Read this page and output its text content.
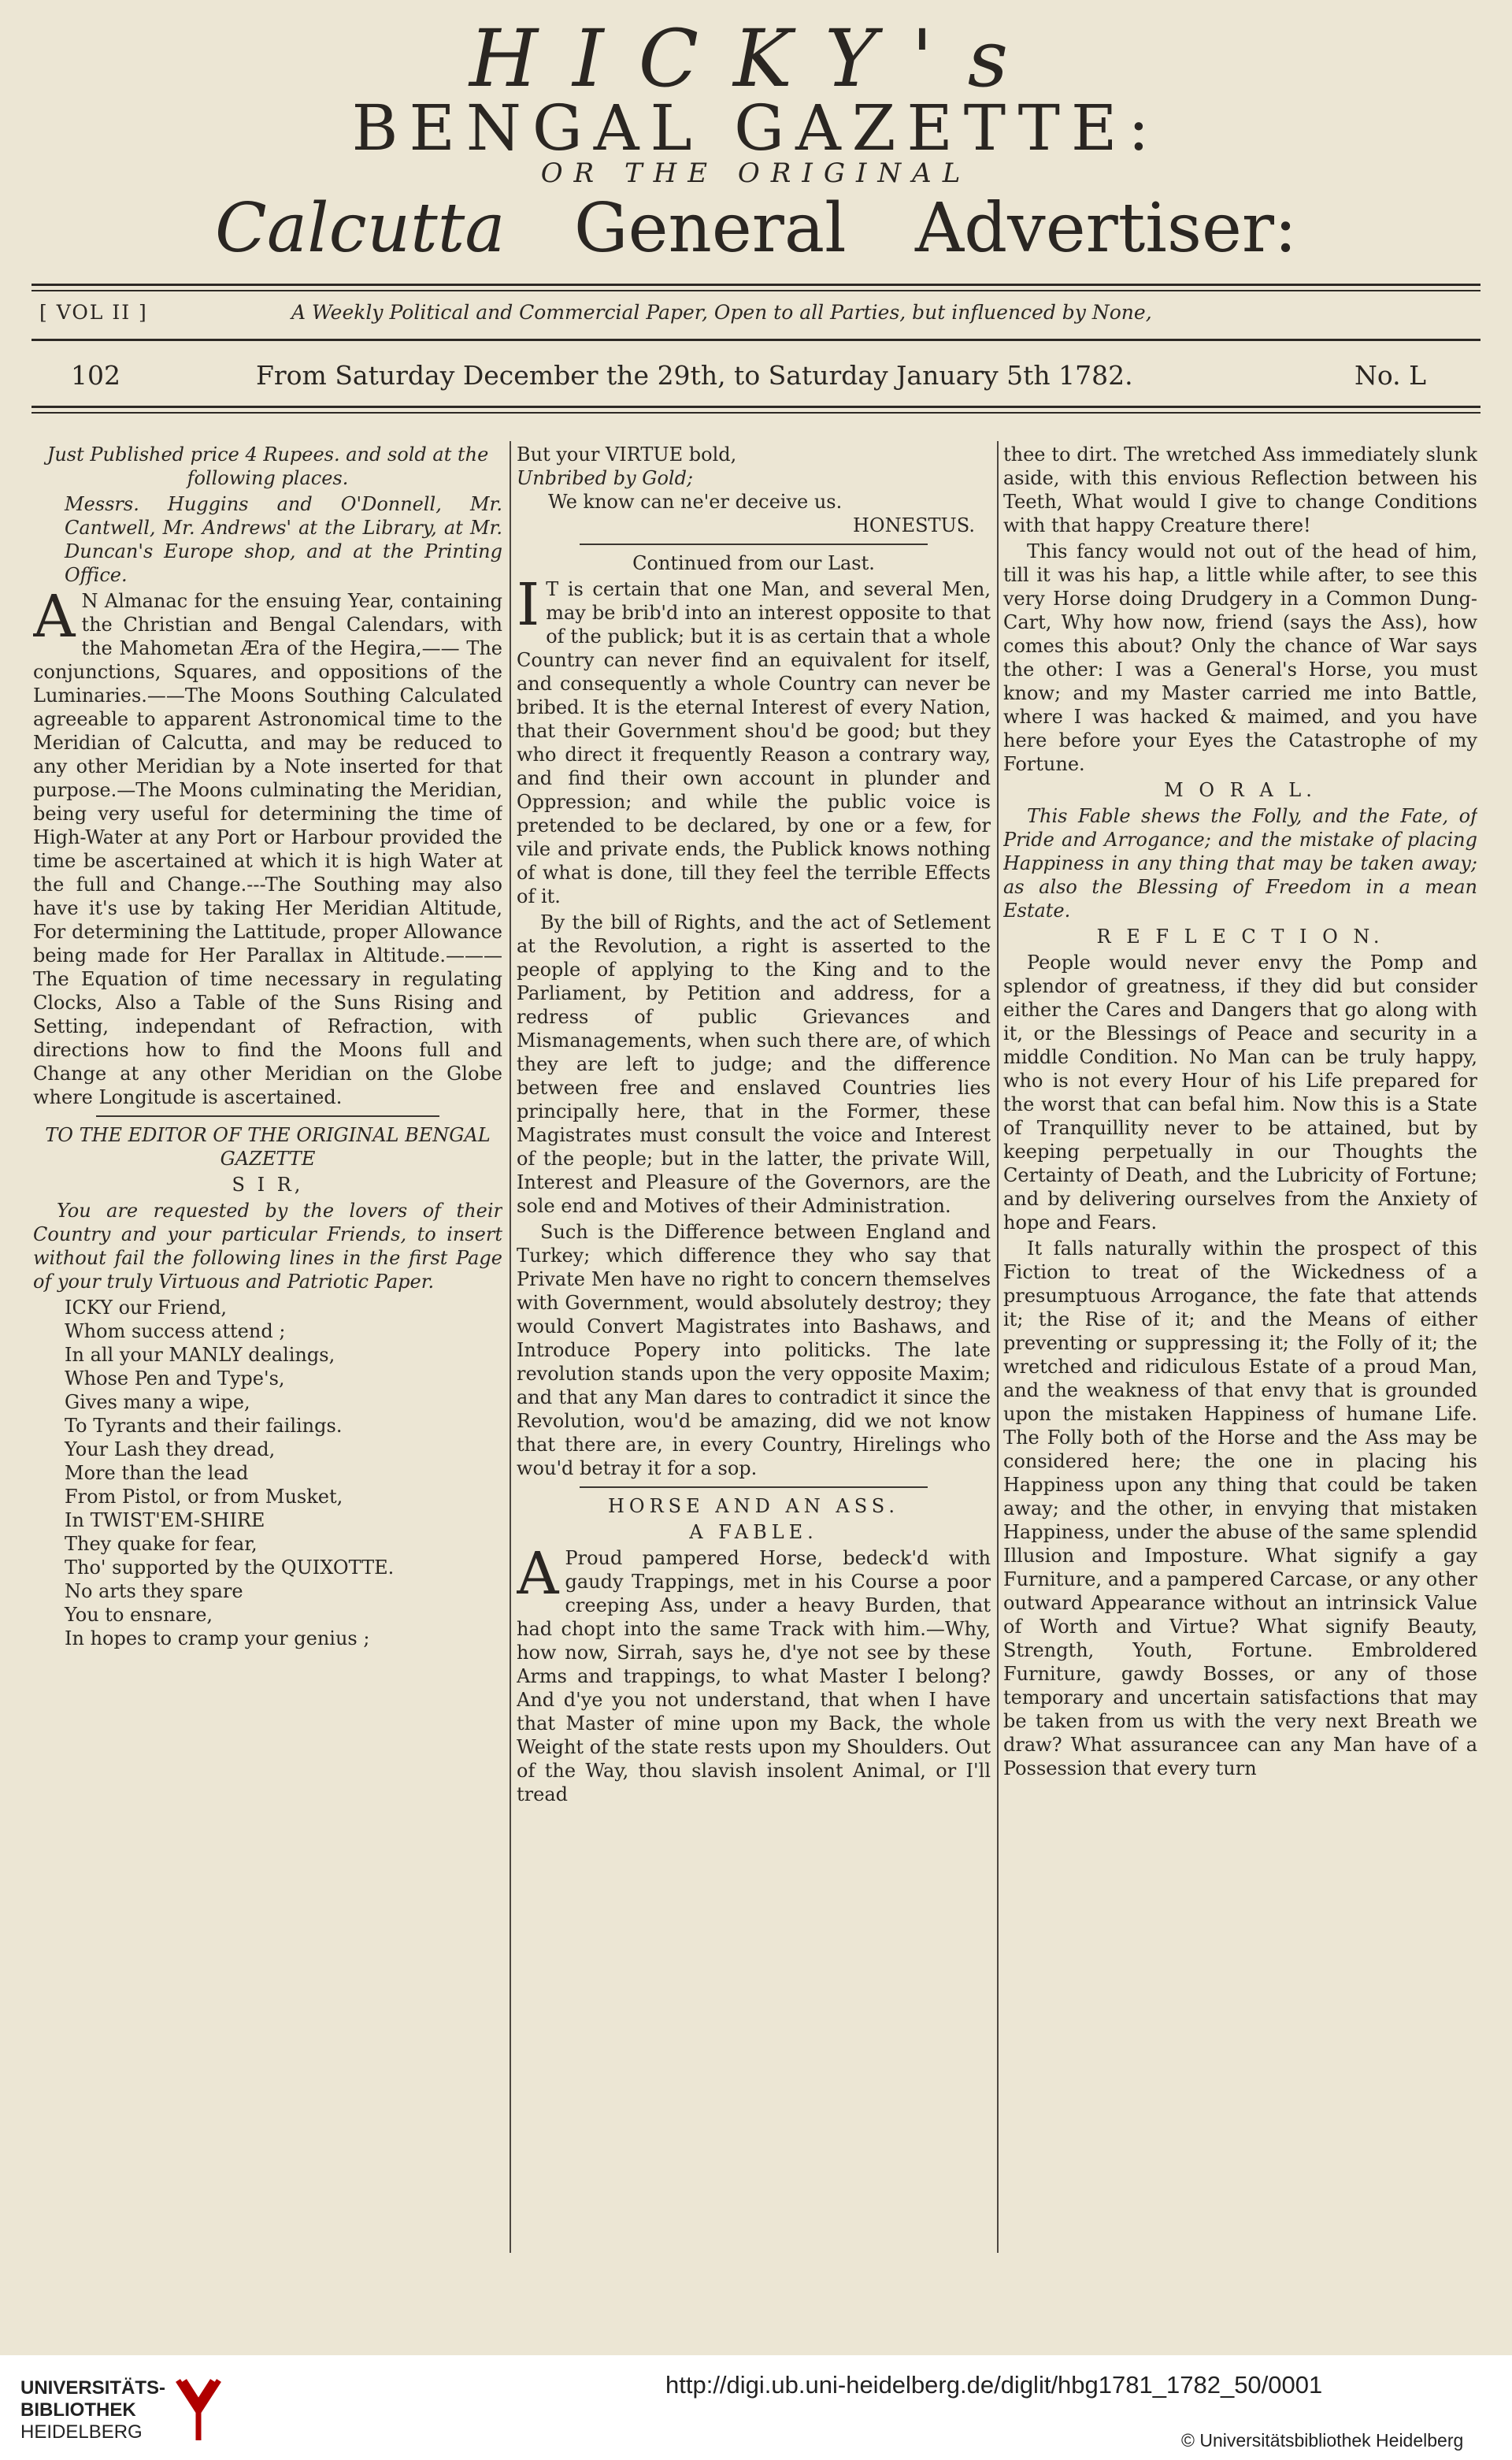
HICKY's
BENGAL GAZETTE:
OR THE ORIGINAL
Calcutta General Advertiser:
[ VOL II ]	A Weekly Political and Commercial Paper, Open to all Parties, but influenced by None,
102	From Saturday December the 29th, to Saturday January 5th 1782.	No. L

Just Published price 4 Rupees. and sold at the following places.

Messrs. Huggins and O'Donnell, Mr. Cantwell, Mr. Andrews' at the Library, at Mr. Duncan's Europe shop, and at the Printing Office.

A N Almanac for the ensuing Year, containing the Christian and Bengal Calendars, with the Mahometan Æra of the Hegira,—— The conjunctions, Squares, and oppositions of the Luminaries.——The Moons Southing Calculated agreeable to apparent Astronomical time to the Meridian of Calcutta, and may be reduced to any other Meridian by a Note inserted for that purpose.—The Moons culminating the Meridian, being very useful for determining the time of High-Water at any Port or Harbour provided the time be ascertained at which it is high Water at the full and Change.---The Southing may also have it's use by taking Her Meridian Altitude, For determining the Lattitude, proper Allowance being made for Her Parallax in Altitude.———The Equation of time necessary in regulating Clocks, Also a Table of the Suns Rising and Setting, independant of Refraction, with directions how to find the Moons full and Change at any other Meridian on the Globe where Longitude is ascertained.

TO THE EDITOR OF THE ORIGINAL BENGAL GAZETTE

S I R,

You are requested by the lovers of their Country and your particular Friends, to insert without fail the following lines in the first Page of your truly Virtuous and Patriotic Paper.

ICKY our Friend,
Whom success attend ;
In all your MANLY dealings,
Whose Pen and Type's,
Gives many a wipe,
To Tyrants and their failings.
Your Lash they dread,
More than the lead
From Pistol, or from Musket,
In TWIST'EM-SHIRE
They quake for fear,
Tho' supported by the QUIXOTTE.
No arts they spare
You to ensnare,
In hopes to cramp your genius ;
But your VIRTUE bold,
Unbribed by Gold;
We know can ne'er deceive us.

HONESTUS.

Continued from our Last.

I T is certain that one Man, and several Men, may be brib'd into an interest opposite to that of the publick; but it is as certain that a whole Country can never find an equivalent for itself, and consequently a whole Country can never be bribed. It is the eternal Interest of every Nation, that their Government shou'd be good; but they who direct it frequently Reason a contrary way, and find their own account in plunder and Oppression; and while the public voice is pretended to be declared, by one or a few, for vile and private ends, the Publick knows nothing of what is done, till they feel the terrible Effects of it.

By the bill of Rights, and the act of Setlement at the Revolution, a right is asserted to the people of applying to the King and to the Parliament, by Petition and address, for a redress of public Grievances and Mismanagements, when such there are, of which they are left to judge; and the difference between free and enslaved Countries lies principally here, that in the Former, these Magistrates must consult the voice and Interest of the people; but in the latter, the private Will, Interest and Pleasure of the Governors, are the sole end and Motives of their Administration.

Such is the Difference between England and Turkey; which difference they who say that Private Men have no right to concern themselves with Government, would absolutely destroy; they would Convert Magistrates into Bashaws, and Introduce Popery into politicks. The late revolution stands upon the very opposite Maxim; and that any Man dares to contradict it since the Revolution, wou'd be amazing, did we not know that there are, in every Country, Hirelings who wou'd betray it for a sop.

HORSE AND AN ASS.

A FABLE.

A Proud pampered Horse, bedeck'd with gaudy Trappings, met in his Course a poor creeping Ass, under a heavy Burden, that had chopt into the same Track with him.—Why, how now, Sirrah, says he, d'ye not see by these Arms and trappings, to what Master I belong? And d'ye you not understand, that when I have that Master of mine upon my Back, the whole Weight of the state rests upon my Shoulders. Out of the Way, thou slavish insolent Animal, or I'll tread

thee to dirt. The wretched Ass immediately slunk aside, with this envious Reflection between his Teeth, What would I give to change Conditions with that happy Creature there!

This fancy would not out of the head of him, till it was his hap, a little while after, to see this very Horse doing Drudgery in a Common Dung-Cart, Why how now, friend (says the Ass), how comes this about? Only the chance of War says the other: I was a General's Horse, you must know; and my Master carried me into Battle, where I was hacked & maimed, and you have here before your Eyes the Catastrophe of my Fortune.

M O R A L.

This Fable shews the Folly, and the Fate, of Pride and Arrogance; and the mistake of placing Happiness in any thing that may be taken away; as also the Blessing of Freedom in a mean Estate.

R E F L E C T I O N.

People would never envy the Pomp and splendor of greatness, if they did but consider either the Cares and Dangers that go along with it, or the Blessings of Peace and security in a middle Condition. No Man can be truly happy, who is not every Hour of his Life prepared for the worst that can befal him. Now this is a State of Tranquillity never to be attained, but by keeping perpetually in our Thoughts the Certainty of Death, and the Lubricity of Fortune; and by delivering ourselves from the Anxiety of hope and Fears.

It falls naturally within the prospect of this Fiction to treat of the Wickedness of a presumptuous Arrogance, the fate that attends it; the Rise of it; and the Means of either preventing or suppressing it; the Folly of it; the wretched and ridiculous Estate of a proud Man, and the weakness of that envy that is grounded upon the mistaken Happiness of humane Life. The Folly both of the Horse and the Ass may be considered here; the one in placing his Happiness upon any thing that could be taken away; and the other, in envying that mistaken Happiness, under the abuse of the same splendid Illusion and Imposture. What signify a gay Furniture, and a pampered Carcase, or any other outward Appearance without an intrinsick Value of Worth and Virtue? What signify Beauty, Strength, Youth, Fortune. Embroldered Furniture, gawdy Bosses, or any of those temporary and uncertain satisfactions that may be taken from us with the very next Breath we draw? What assurancee can any Man have of a Possession that every turn

UNIVERSITÄTS-
BIBLIOTHEK
HEIDELBERG
http://digi.ub.uni-heidelberg.de/diglit/hbg1781_1782_50/0001
© Universitätsbibliothek Heidelberg
